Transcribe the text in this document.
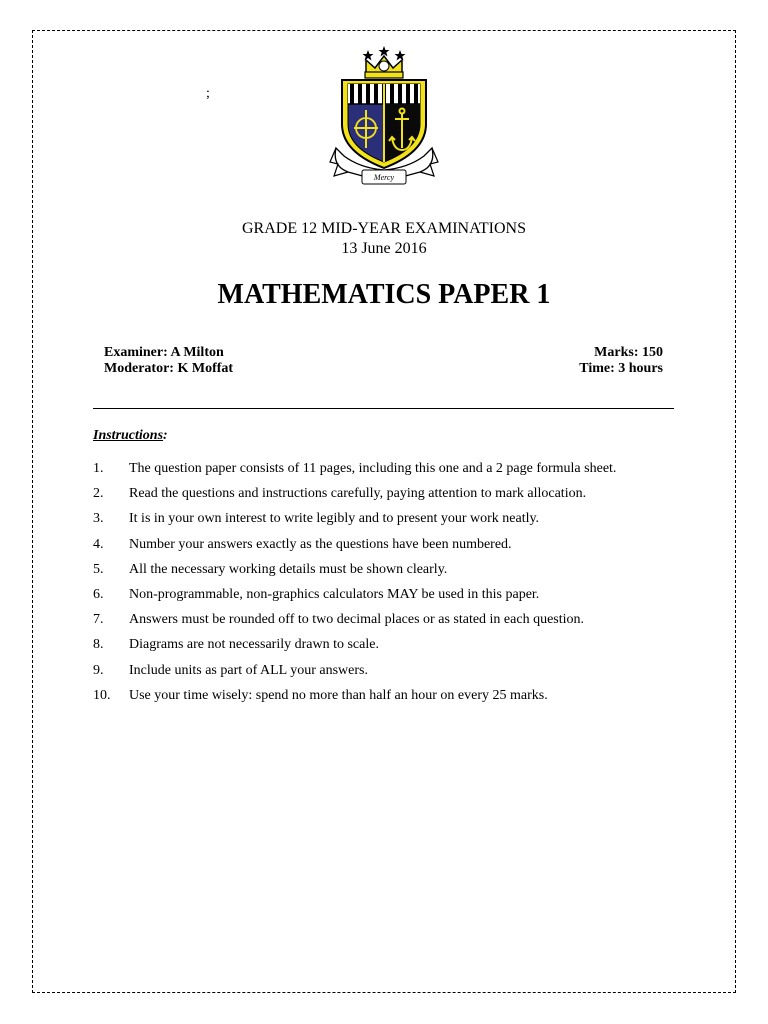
;
Mercy
GRADE 12 MID-YEAR EXAMINATIONS
13 June 2016
MATHEMATICS PAPER 1
Examiner: A Milton
Moderator: K Moffat
Marks: 150
Time: 3 hours
Instructions:
1. The question paper consists of 11 pages, including this one and a 2 page formula sheet.
2. Read the questions and instructions carefully, paying attention to mark allocation.
3. It is in your own interest to write legibly and to present your work neatly.
4. Number your answers exactly as the questions have been numbered.
5. All the necessary working details must be shown clearly.
6. Non-programmable, non-graphics calculators MAY be used in this paper.
7. Answers must be rounded off to two decimal places or as stated in each question.
8. Diagrams are not necessarily drawn to scale.
9. Include units as part of ALL your answers.
10. Use your time wisely: spend no more than half an hour on every 25 marks.
